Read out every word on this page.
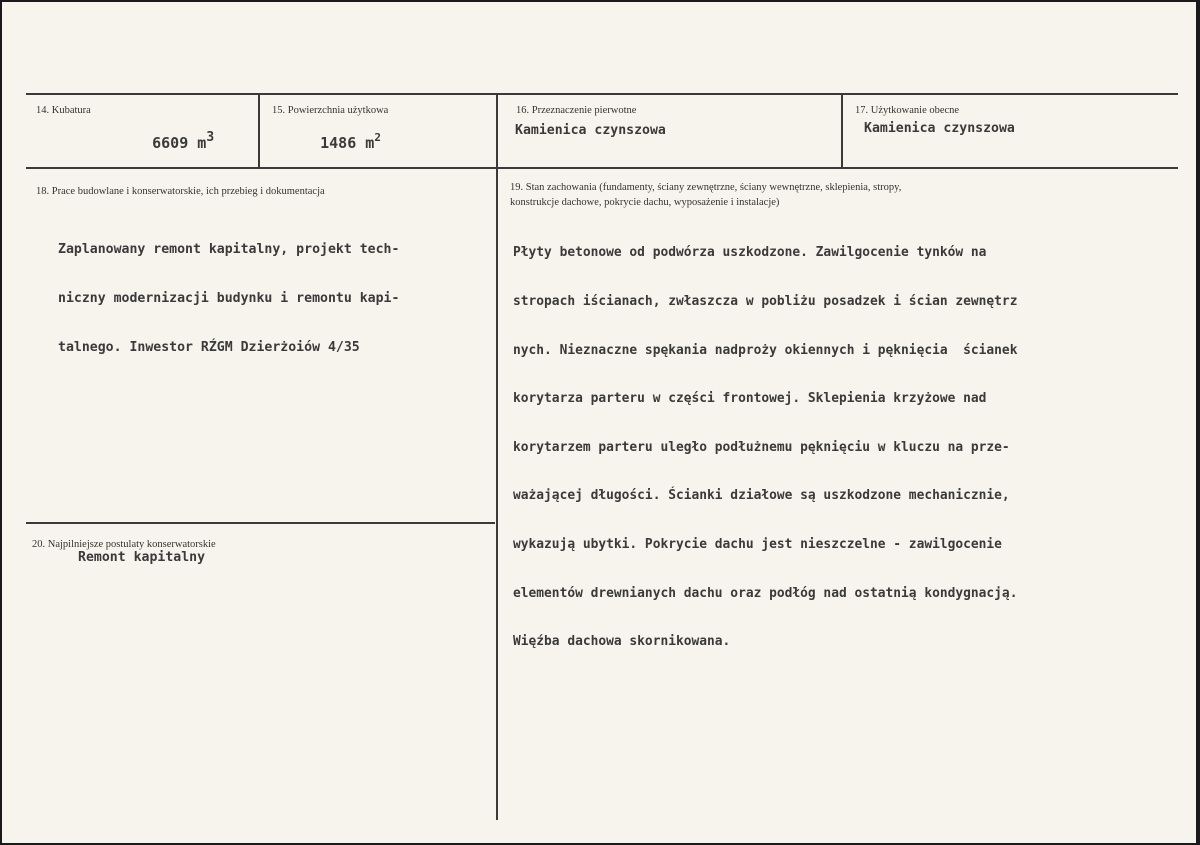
14. Kubatura

6609 m3

15. Powierzchnia użytkowa

1486 $m^2$

16. Przeznaczenie pierwotne
Kamienica czynszowa
17. Użytkowanie obecne
Kamienica czynszowa
18. Prace budowlane i konserwatorskie, ich przebieg i dokumentacja

Zaplanowany remont kapitalny, projekt tech-

niczny modernizacji budynku i remontu kapi-

talnego. Inwestor RŹGM Dzierżoiów 4/35

19. Stan zachowania (fundamenty, ściany zewnętrzne, ściany wewnętrzne, sklepienia, stropy,
konstrukcje dachowe, pokrycie dachu, wyposażenie i instalacje)

Płyty betonowe od podwórza uszkodzone. Zawilgocenie tynków na

stropach iścianach, zwłaszcza w pobliżu posadzek i ścian zewnętrz

nych. Nieznaczne spękania nadproży okiennych i pęknięcia  ścianek

korytarza parteru w części frontowej. Sklepienia krzyżowe nad

korytarzem parteru uległo podłużnemu pęknięciu w kluczu na prze-

ważającej długości. Ścianki działowe są uszkodzone mechanicznie,

wykazują ubytki. Pokrycie dachu jest nieszczelne - zawilgocenie

elementów drewnianych dachu oraz podłóg nad ostatnią kondygnacją.

Więźba dachowa skornikowana.

20. Najpilniejsze postulaty konserwatorskie
Remont kapitalny
